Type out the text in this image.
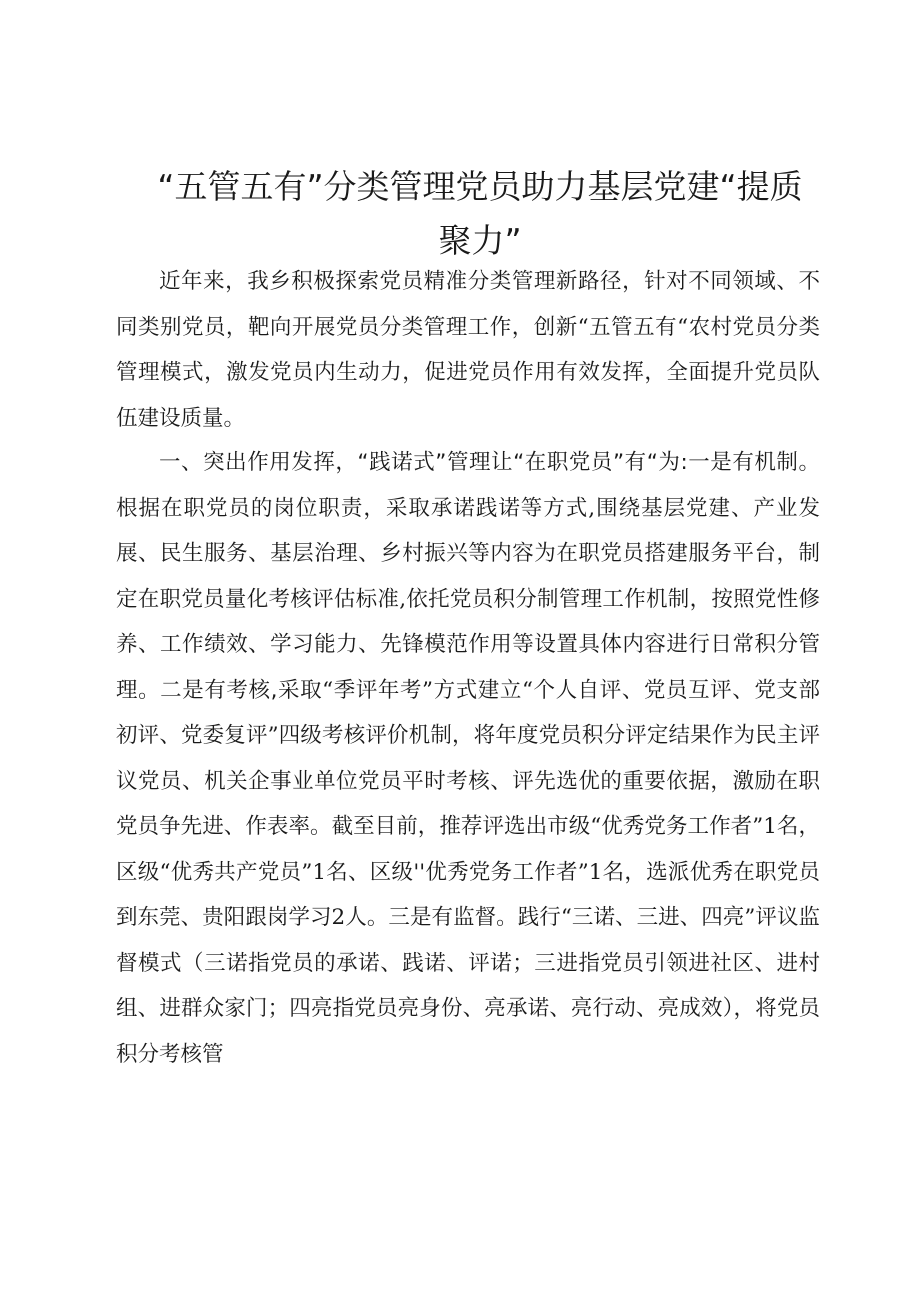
“五管五有”分类管理党员助力基层党建“提质聚力”

近年来，我乡积极探索党员精准分类管理新路径，针对不同领域、不同类别党员，靶向开展党员分类管理工作，创新“五管五有“农村党员分类管理模式，激发党员内生动力，促进党员作用有效发挥，全面提升党员队伍建设质量。

一、突出作用发挥，“践诺式”管理让“在职党员”有“为:一是有机制。根据在职党员的岗位职责，采取承诺践诺等方式,围绕基层党建、产业发展、民生服务、基层治理、乡村振兴等内容为在职党员搭建服务平台，制定在职党员量化考核评估标准,依托党员积分制管理工作机制，按照党性修养、工作绩效、学习能力、先锋模范作用等设置具体内容进行日常积分管理。二是有考核,采取“季评年考”方式建立“个人自评、党员互评、党支部初评、党委复评”四级考核评价机制，将年度党员积分评定结果作为民主评议党员、机关企事业单位党员平时考核、评先选优的重要依据，激励在职党员争先进、作表率。截至目前，推荐评选出市级“优秀党务工作者”1名，区级“优秀共产党员”1名、区级''优秀党务工作者”1名，选派优秀在职党员到东莞、贵阳跟岗学习2人。三是有监督。践行“三诺、三进、四亮”评议监督模式（三诺指党员的承诺、践诺、评诺；三进指党员引领进社区、进村组、进群众家门；四亮指党员亮身份、亮承诺、亮行动、亮成效），将党员积分考核管
